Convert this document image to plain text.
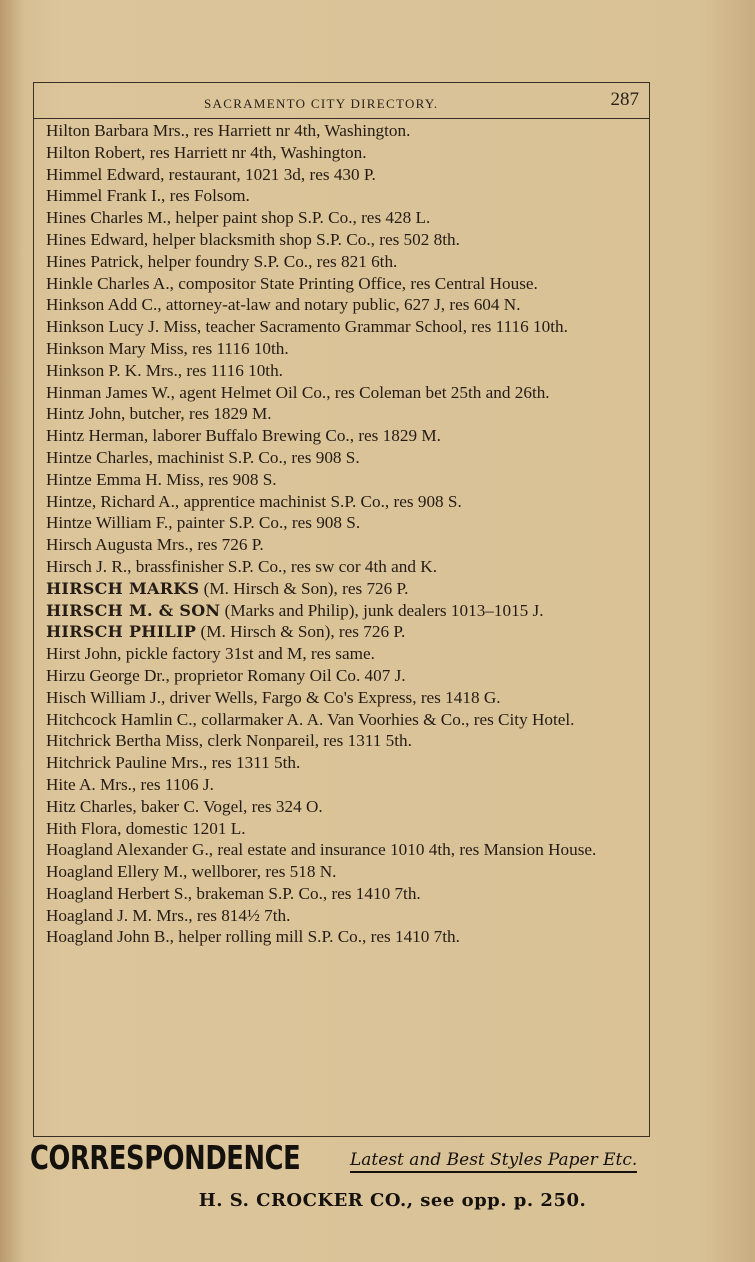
SACRAMENTO CITY DIRECTORY.	287
Hilton Barbara Mrs., res Harriett nr 4th, Washington.
Hilton Robert, res Harriett nr 4th, Washington.
Himmel Edward, restaurant, 1021 3d, res 430 P.
Himmel Frank I., res Folsom.
Hines Charles M., helper paint shop S.P. Co., res 428 L.
Hines Edward, helper blacksmith shop S.P. Co., res 502 8th.
Hines Patrick, helper foundry S.P. Co., res 821 6th.
Hinkle Charles A., compositor State Printing Office, res Central House.
Hinkson Add C., attorney-at-law and notary public, 627 J, res 604 N.
Hinkson Lucy J. Miss, teacher Sacramento Grammar School, res 1116 10th.
Hinkson Mary Miss, res 1116 10th.
Hinkson P. K. Mrs., res 1116 10th.
Hinman James W., agent Helmet Oil Co., res Coleman bet 25th and 26th.
Hintz John, butcher, res 1829 M.
Hintz Herman, laborer Buffalo Brewing Co., res 1829 M.
Hintze Charles, machinist S.P. Co., res 908 S.
Hintze Emma H. Miss, res 908 S.
Hintze, Richard A., apprentice machinist S.P. Co., res 908 S.
Hintze William F., painter S.P. Co., res 908 S.
Hirsch Augusta Mrs., res 726 P.
Hirsch J. R., brassfinisher S.P. Co., res sw cor 4th and K.
HIRSCH MARKS (M. Hirsch & Son), res 726 P.
HIRSCH M. & SON (Marks and Philip), junk dealers 1013–1015 J.
HIRSCH PHILIP (M. Hirsch & Son), res 726 P.
Hirst John, pickle factory 31st and M, res same.
Hirzu George Dr., proprietor Romany Oil Co. 407 J.
Hisch William J., driver Wells, Fargo & Co's Express, res 1418 G.
Hitchcock Hamlin C., collarmaker A. A. Van Voorhies & Co., res City Hotel.
Hitchrick Bertha Miss, clerk Nonpareil, res 1311 5th.
Hitchrick Pauline Mrs., res 1311 5th.
Hite A. Mrs., res 1106 J.
Hitz Charles, baker C. Vogel, res 324 O.
Hith Flora, domestic 1201 L.
Hoagland Alexander G., real estate and insurance 1010 4th, res Mansion House.
Hoagland Ellery M., wellborer, res 518 N.
Hoagland Herbert S., brakeman S.P. Co., res 1410 7th.
Hoagland J. M. Mrs., res 814½ 7th.
Hoagland John B., helper rolling mill S.P. Co., res 1410 7th.
CORRESPONDENCE	Latest and Best Styles Paper Etc.
H. S. CROCKER CO., see opp. p. 250.
